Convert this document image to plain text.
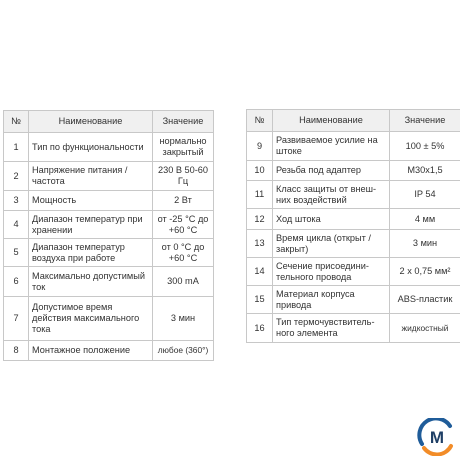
№	Наименование	Значение
1	Тип по функциональности	нормально закрытый
2	Напряжение питания / частота	230 В 50-60 Гц
3	Мощность	2 Вт
4	Диапазон температур при хранении	от -25 °C до +60 °C
5	Диапазон температур воздуха при работе	от 0 °C до +60 °C
6	Максимально допустимый ток	300 mA
7	Допустимое время действия максимального тока	3 мин
8	Монтажное положение	любое (360°)
№	Наименование	Значение
9	Развиваемое усилие на штоке	100 ± 5%
10	Резьба под адаптер	M30x1,5
11	Класс защиты от внеш-них воздействий	IP 54
12	Ход штока	4 мм
13	Время цикла (открыт / закрыт)	3 мин
14	Сечение присоедини-тельного провода	2 x 0,75 мм²
15	Материал корпуса привода	ABS-пластик
16	Тип термочувствитель-ного элемента	жидкостный
M
